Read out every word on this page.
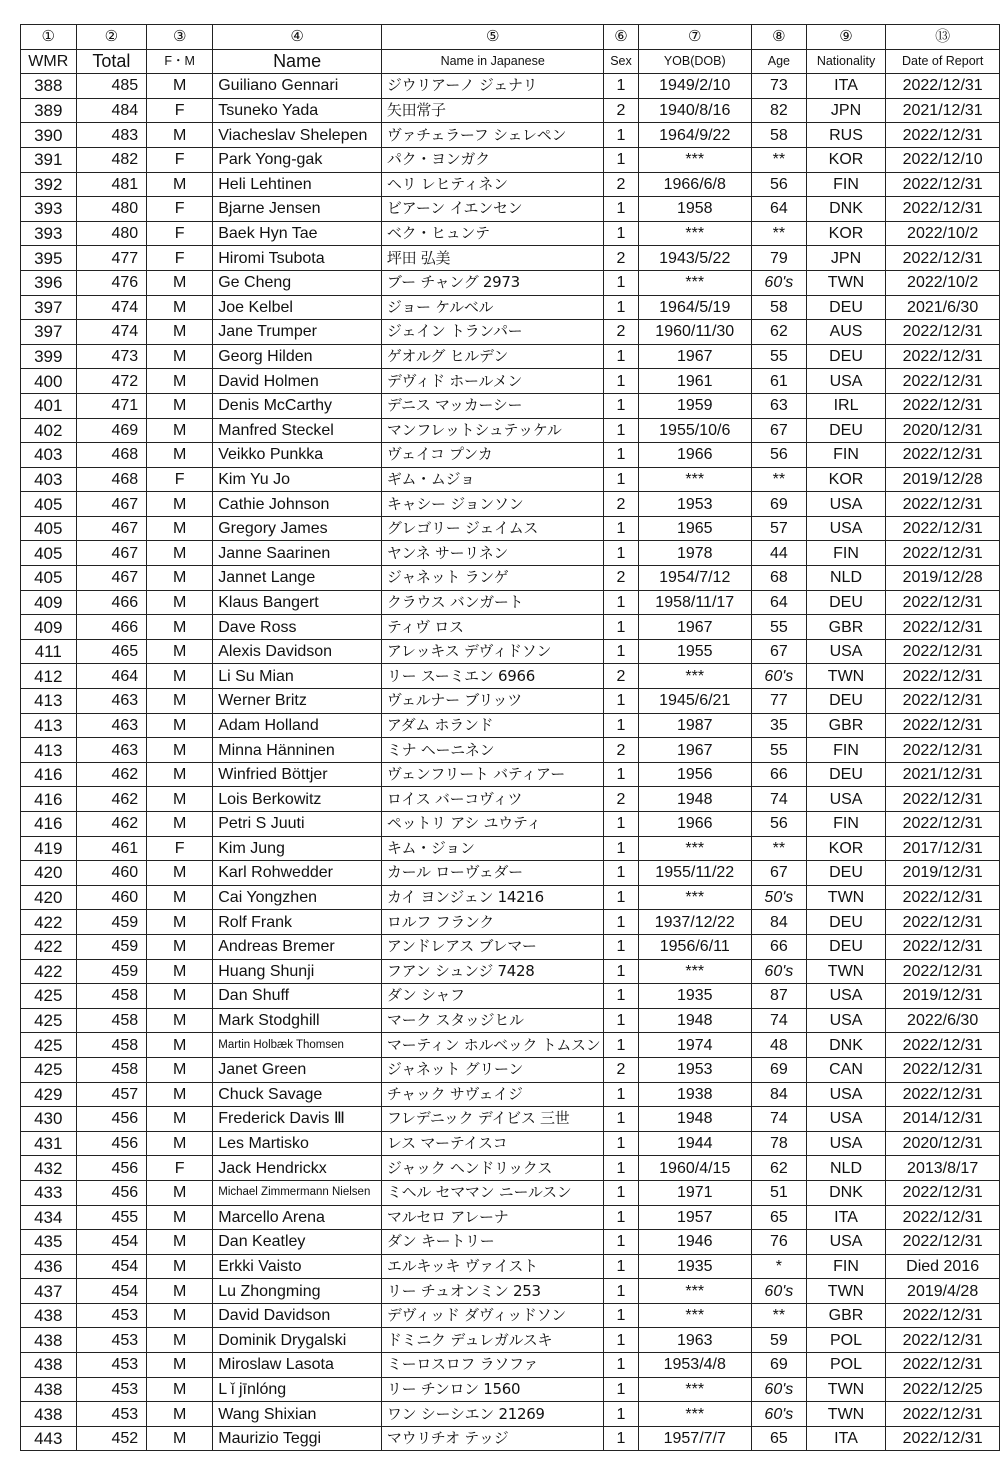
①	②	③	④	⑤	⑥	⑦	⑧	⑨	⑬
WMR	Total	F・M	Name	Name in Japanese	Sex	YOB(DOB)	Age	Nationality	Date of Report
388	485	M	Guiliano Gennari	ジウリアーノ ジェナリ	1	1949/2/10	73	ITA	2022/12/31
389	484	F	Tsuneko Yada	矢田常子	2	1940/8/16	82	JPN	2021/12/31
390	483	M	Viacheslav Shelepen	ヴァチェラーフ シェレペン	1	1964/9/22	58	RUS	2022/12/31
391	482	F	Park Yong-gak	パク・ヨンガク	1	***	**	KOR	2022/12/10
392	481	M	Heli Lehtinen	ヘリ レヒティネン	2	1966/6/8	56	FIN	2022/12/31
393	480	F	Bjarne Jensen	ビアーン イエンセン	1	1958	64	DNK	2022/12/31
393	480	F	Baek Hyn Tae	ベク・ヒュンテ	1	***	**	KOR	2022/10/2
395	477	F	Hiromi Tsubota	坪田 弘美	2	1943/5/22	79	JPN	2022/12/31
396	476	M	Ge Cheng	ブー チャング 2973	1	***	60's	TWN	2022/10/2
397	474	M	Joe Kelbel	ジョー ケルベル	1	1964/5/19	58	DEU	2021/6/30
397	474	M	Jane Trumper	ジェイン トランパー	2	1960/11/30	62	AUS	2022/12/31
399	473	M	Georg Hilden	ゲオルグ ヒルデン	1	1967	55	DEU	2022/12/31
400	472	M	David Holmen	デヴィド ホールメン	1	1961	61	USA	2022/12/31
401	471	M	Denis McCarthy	デニス マッカーシー	1	1959	63	IRL	2022/12/31
402	469	M	Manfred Steckel	マンフレットシュテッケル	1	1955/10/6	67	DEU	2020/12/31
403	468	M	Veikko Punkka	ヴェイコ プンカ	1	1966	56	FIN	2022/12/31
403	468	F	Kim Yu Jo	ギム・ムジョ	1	***	**	KOR	2019/12/28
405	467	M	Cathie Johnson	キャシー ジョンソン	2	1953	69	USA	2022/12/31
405	467	M	Gregory James	グレゴリー ジェイムス	1	1965	57	USA	2022/12/31
405	467	M	Janne Saarinen	ヤンネ サーリネン	1	1978	44	FIN	2022/12/31
405	467	M	Jannet Lange	ジャネット ランゲ	2	1954/7/12	68	NLD	2019/12/28
409	466	M	Klaus Bangert	クラウス バンガート	1	1958/11/17	64	DEU	2022/12/31
409	466	M	Dave Ross	ティヴ ロス	1	1967	55	GBR	2022/12/31
411	465	M	Alexis Davidson	アレッキス デヴィドソン	1	1955	67	USA	2022/12/31
412	464	M	Li Su Mian	リー スーミエン 6966	2	***	60's	TWN	2022/12/31
413	463	M	Werner Britz	ヴェルナー ブリッツ	1	1945/6/21	77	DEU	2022/12/31
413	463	M	Adam Holland	アダム ホランド	1	1987	35	GBR	2022/12/31
413	463	M	Minna Hänninen	ミナ ヘーニネン	2	1967	55	FIN	2022/12/31
416	462	M	Winfried Böttjer	ヴェンフリート バティアー	1	1956	66	DEU	2021/12/31
416	462	M	Lois Berkowitz	ロイス バーコヴィツ	2	1948	74	USA	2022/12/31
416	462	M	Petri S Juuti	ペットリ アシ ユウティ	1	1966	56	FIN	2022/12/31
419	461	F	Kim Jung	キム・ジョン	1	***	**	KOR	2017/12/31
420	460	M	Karl Rohwedder	カール ローヴェダー	1	1955/11/22	67	DEU	2019/12/31
420	460	M	Cai Yongzhen	カイ ヨンジェン 14216	1	***	50's	TWN	2022/12/31
422	459	M	Rolf Frank	ロルフ フランク	1	1937/12/22	84	DEU	2022/12/31
422	459	M	Andreas Bremer	アンドレアス ブレマー	1	1956/6/11	66	DEU	2022/12/31
422	459	M	Huang Shunji	フアン シュンジ 7428	1	***	60's	TWN	2022/12/31
425	458	M	Dan Shuff	ダン シャフ	1	1935	87	USA	2019/12/31
425	458	M	Mark Stodghill	マーク スタッジヒル	1	1948	74	USA	2022/6/30
425	458	M	Martin Holbæk Thomsen	マーティン ホルベック トムスン	1	1974	48	DNK	2022/12/31
425	458	M	Janet Green	ジャネット グリーン	2	1953	69	CAN	2022/12/31
429	457	M	Chuck Savage	チャック サヴェイジ	1	1938	84	USA	2022/12/31
430	456	M	Frederick Davis Ⅲ	フレデニック デイビス 三世	1	1948	74	USA	2014/12/31
431	456	M	Les Martisko	レス マーテイスコ	1	1944	78	USA	2020/12/31
432	456	F	Jack Hendrickx	ジャック ヘンドリックス	1	1960/4/15	62	NLD	2013/8/17
433	456	M	Michael Zimmermann Nielsen	ミヘル セママン ニールスン	1	1971	51	DNK	2022/12/31
434	455	M	Marcello Arena	マルセロ アレーナ	1	1957	65	ITA	2022/12/31
435	454	M	Dan Keatley	ダン キートリー	1	1946	76	USA	2022/12/31
436	454	M	Erkki Vaisto	エルキッキ ヴァイスト	1	1935	*	FIN	Died 2016
437	454	M	Lu Zhongming	リー チュオンミン 253	1	***	60's	TWN	2019/4/28
438	453	M	David Davidson	デヴィッド ダヴィッドソン	1	***	**	GBR	2022/12/31
438	453	M	Dominik Drygalski	ドミニク デュレガルスキ	1	1963	59	POL	2022/12/31
438	453	M	Miroslaw Lasota	ミーロスロフ ラソファ	1	1953/4/8	69	POL	2022/12/31
438	453	M	L ǐ jīnlóng	リー チンロン 1560	1	***	60's	TWN	2022/12/25
438	453	M	Wang Shixian	ワン シーシエン 21269	1	***	60's	TWN	2022/12/31
443	452	M	Maurizio Teggi	マウリチオ テッジ	1	1957/7/7	65	ITA	2022/12/31
